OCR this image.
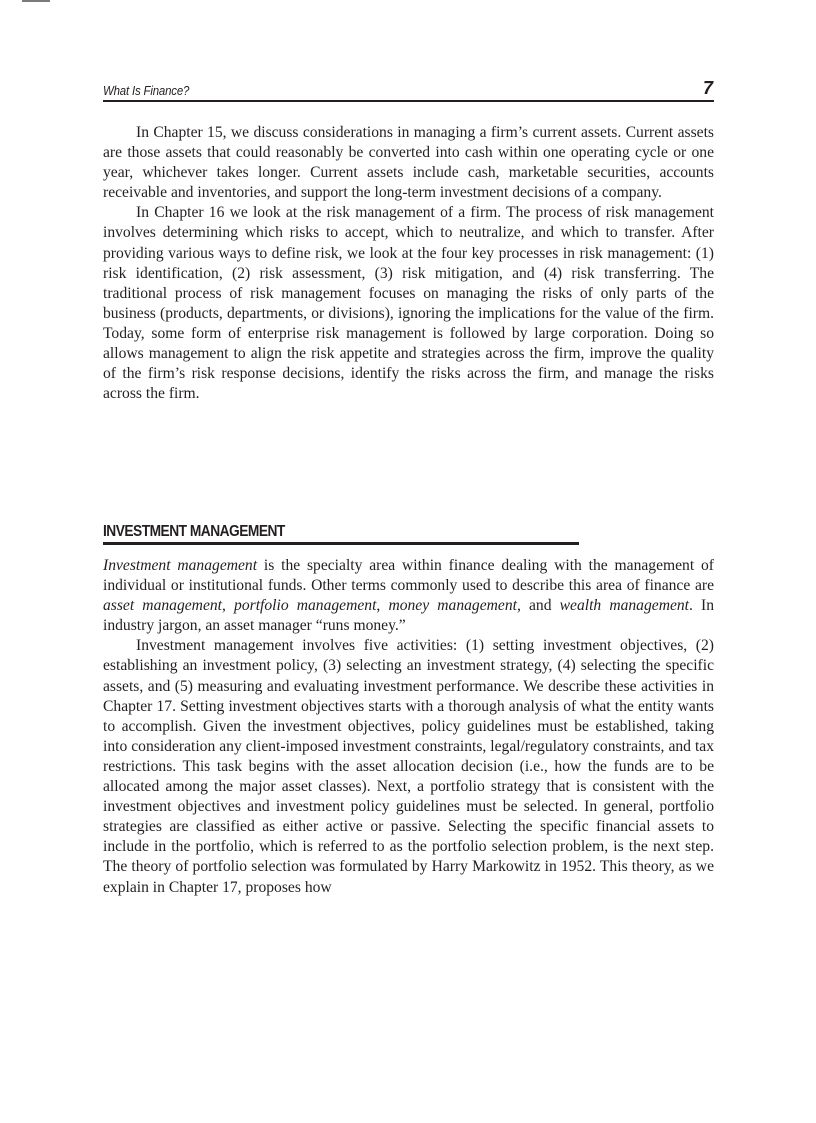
What Is Finance?	7

In Chapter 15, we discuss considerations in managing a firm’s current assets. Current assets are those assets that could reasonably be converted into cash within one operating cycle or one year, whichever takes longer. Current assets include cash, marketable securities, accounts receivable and inventories, and support the long-term investment decisions of a company.

In Chapter 16 we look at the risk management of a firm. The process of risk management involves determining which risks to accept, which to neutralize, and which to transfer. After providing various ways to define risk, we look at the four key processes in risk management: (1) risk identification, (2) risk assessment, (3) risk mitigation, and (4) risk transferring. The traditional process of risk management focuses on managing the risks of only parts of the business (products, departments, or divisions), ignoring the implications for the value of the firm. Today, some form of enterprise risk management is followed by large corporation. Doing so allows management to align the risk appetite and strategies across the firm, improve the quality of the firm’s risk response decisions, identify the risks across the firm, and manage the risks across the firm.

INVESTMENT MANAGEMENT

Investment management is the specialty area within finance dealing with the management of individual or institutional funds. Other terms commonly used to describe this area of finance are asset management, portfolio management, money management, and wealth management. In industry jargon, an asset manager “runs money.”

Investment management involves five activities: (1) setting investment objectives, (2) establishing an investment policy, (3) selecting an investment strategy, (4) selecting the specific assets, and (5) measuring and evaluating investment performance. We describe these activities in Chapter 17. Setting investment objectives starts with a thorough analysis of what the entity wants to accomplish. Given the investment objectives, policy guidelines must be established, taking into consideration any client-imposed investment constraints, legal/regulatory constraints, and tax restrictions. This task begins with the asset allocation decision (i.e., how the funds are to be allocated among the major asset classes). Next, a portfolio strategy that is consistent with the investment objectives and investment policy guidelines must be selected. In general, portfolio strategies are classified as either active or passive. Selecting the specific financial assets to include in the portfolio, which is referred to as the portfolio selection problem, is the next step. The theory of portfolio selection was formulated by Harry Markowitz in 1952. This theory, as we explain in Chapter 17, proposes how
